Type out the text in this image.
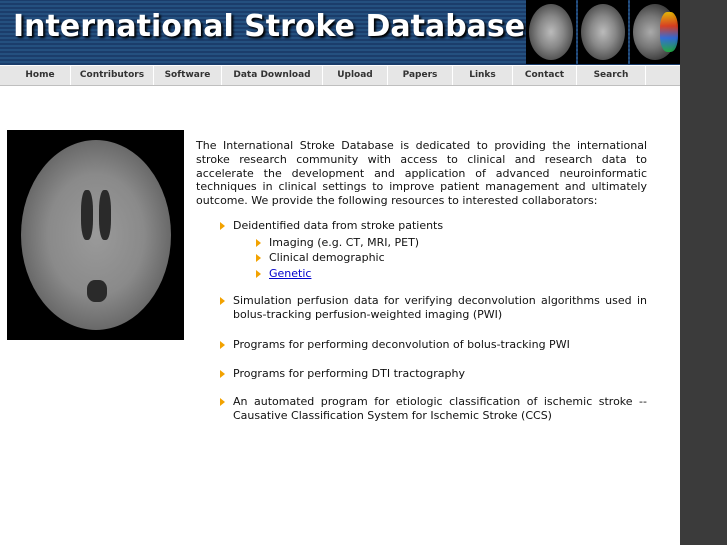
International Stroke Database
Home	Contributors	Software	Data Download	Upload	Papers	Links	Contact	Search

The International Stroke Database is dedicated to providing the international stroke research community with access to clinical and research data to accelerate the development and application of advanced neuroinformatic techniques in clinical settings to improve patient management and ultimately outcome. We provide the following resources to interested collaborators:

Deidentified data from stroke patients
Imaging (e.g. CT, MRI, PET)
Clinical demographic
Genetic
Simulation perfusion data for verifying deconvolution algorithms used in bolus-tracking perfusion-weighted imaging (PWI)
Programs for performing deconvolution of bolus-tracking PWI
Programs for performing DTI tractography
An automated program for etiologic classification of ischemic stroke -- Causative Classification System for Ischemic Stroke (CCS)
